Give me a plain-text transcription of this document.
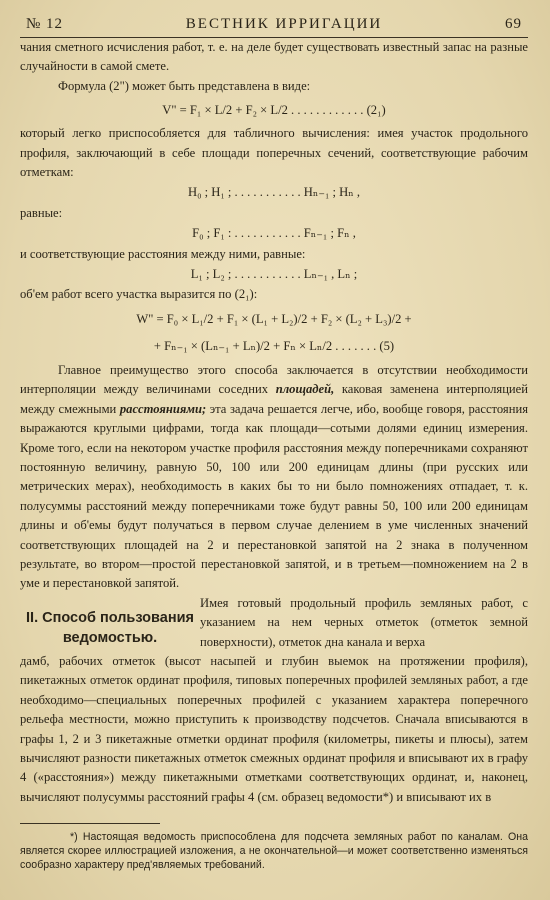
№ 12	ВЕСТНИК ИРРИГАЦИИ	69

чания сметного исчисления работ, т. е. на деле будет существовать известный запас на разные случайности в самой смете.

Формула (2") может быть представлена в виде:

V" = F₁ × L/2 + F₂ × L/2 . . . . . . . . . . . . (2₁)

который легко приспособляется для табличного вычисления: имея участок продольного профиля, заключающий в себе площади поперечных сечений, соответствующие рабочим отметкам:

H₀ ; H₁ ; . . . . . . . . . . . Hₙ₋₁ ; Hₙ ,

равные:

F₀ ; F₁ : . . . . . . . . . . . Fₙ₋₁ ; Fₙ ,

и соответствующие расстояния между ними, равные:

L₁ ; L₂ ; . . . . . . . . . . . Lₙ₋₁ , Lₙ ;

об'ем работ всего участка выразится по (2₁):

W" = F₀ × L₁/2 + F₁ × (L₁ + L₂)/2 + F₂ × (L₂ + L₃)/2 +
+ Fₙ₋₁ × (Lₙ₋₁ + Lₙ)/2 + Fₙ × Lₙ/2 . . . . . . . (5)

Главное преимущество этого способа заключается в отсутствии необходимости интерполяции между величинами соседних площадей, каковая заменена интерполяцией между смежными расстояниями; эта задача решается легче, ибо, вообще говоря, расстояния выражаются круглыми цифрами, тогда как площади—сотыми долями единиц измерения. Кроме того, если на некотором участке профиля расстояния между поперечниками сохраняют постоянную величину, равную 50, 100 или 200 единицам длины (при русских или метрических мерах), необходимость в каких бы то ни было помножениях отпадает, т. к. полусуммы расстояний между поперечниками тоже будут равны 50, 100 или 200 единицам длины и об'емы будут получаться в первом случае делением в уме численных значений соответствующих площадей на 2 и перестановкой запятой на 2 знака в полученном результате, во втором—простой перестановкой запятой, и в третьем—помножением на 2 в уме и перестановкой запятой.

II. Способ пользования ведомостью.

Имея готовый продольный профиль земляных работ, с указанием на нем черных отметок (отметок земной поверхности), отметок дна канала и верха

дамб, рабочих отметок (высот насыпей и глубин выемок на протяжении профиля), пикетажных отметок ординат профиля, типовых поперечных профилей земляных работ, а где необходимо—специальных поперечных профилей с указанием характера поперечного рельефа местности, можно приступить к производству подсчетов. Сначала вписываются в графы 1, 2 и 3 пикетажные отметки ординат профиля (километры, пикеты и плюсы), затем вычисляют разности пикетажных отметок смежных ординат профиля и вписывают их в графу 4 («расстояния») между пикетажными отметками соответствующих ординат, и, наконец, вычисляют полусуммы расстояний графы 4 (см. образец ведомости*) и вписывают их в

*) Настоящая ведомость приспособлена для подсчета земляных работ по каналам. Она является скорее иллюстрацией изложения, а не окончательной—и может соответственно изменяться сообразно характеру пред'являемых требований.
